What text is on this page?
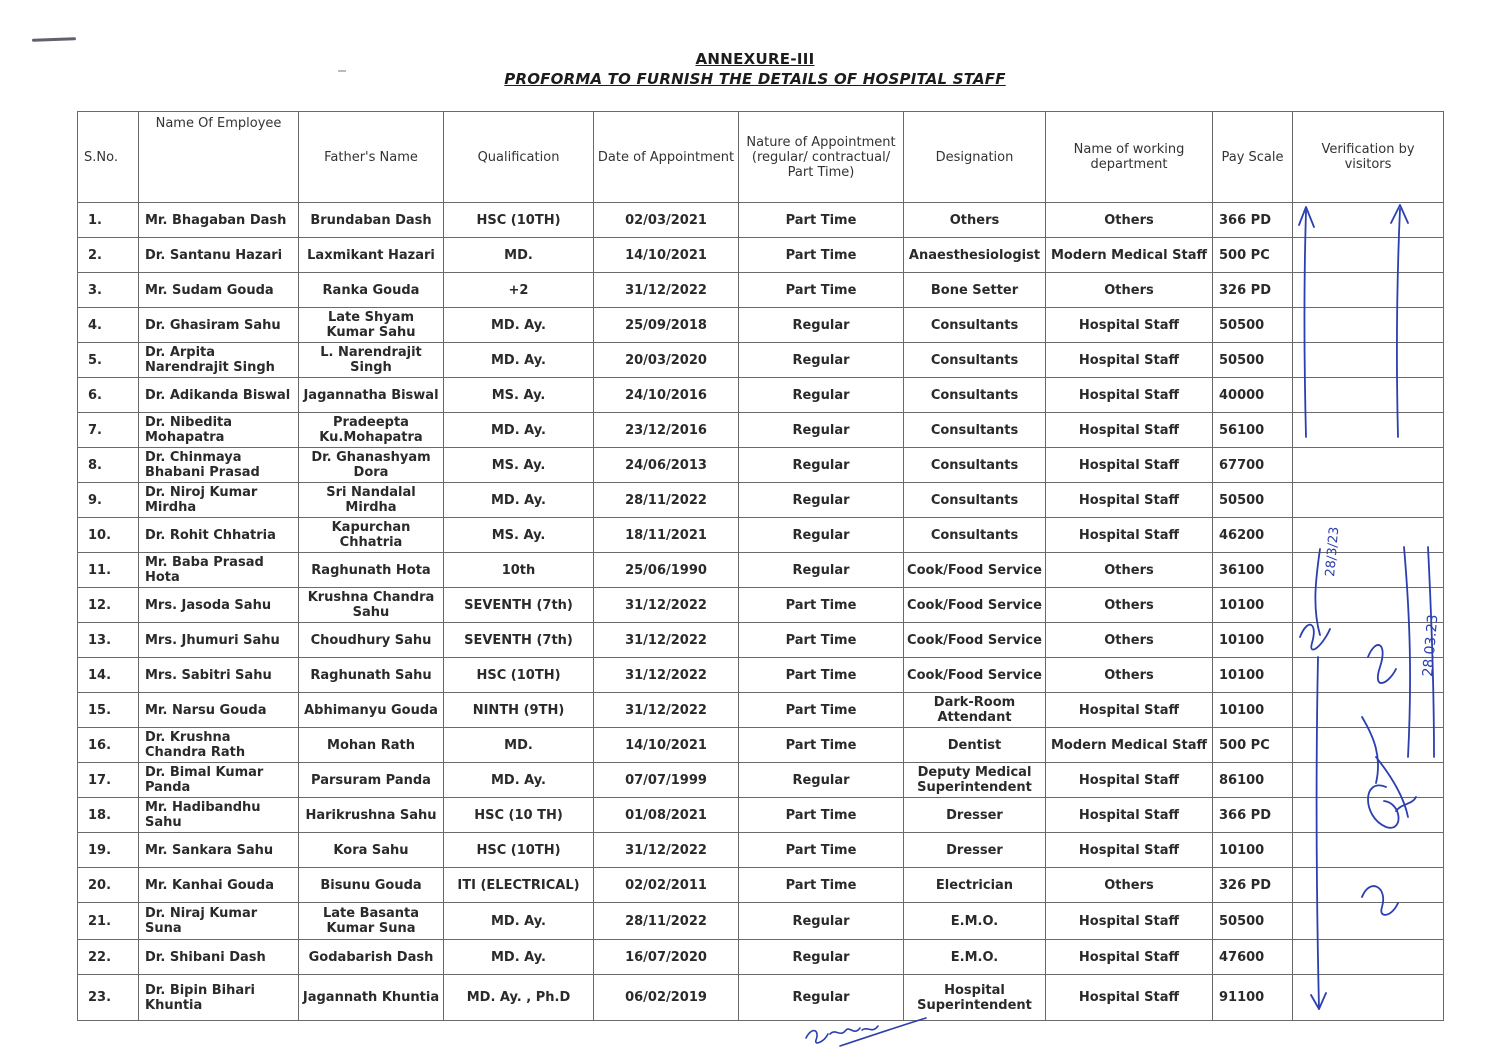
ANNEXURE-III
PROFORMA TO FURNISH THE DETAILS OF HOSPITAL STAFF
S.No.	Name Of Employee	Father's Name	Qualification	Date of Appointment	Nature of Appointment (regular/ contractual/ Part Time)	Designation	Name of working department	Pay Scale	Verification by visitors
1.	Mr. Bhagaban Dash	Brundaban Dash	HSC (10TH)	02/03/2021	Part Time	Others	Others	366 PD	
2.	Dr. Santanu Hazari	Laxmikant Hazari	MD.	14/10/2021	Part Time	Anaesthesiologist	Modern Medical Staff	500 PC	
3.	Mr. Sudam Gouda	Ranka Gouda	+2	31/12/2022	Part Time	Bone Setter	Others	326 PD	
4.	Dr. Ghasiram Sahu	Late Shyam Kumar Sahu	MD. Ay.	25/09/2018	Regular	Consultants	Hospital Staff	50500	
5.	Dr. Arpita Narendrajit Singh	L. Narendrajit Singh	MD. Ay.	20/03/2020	Regular	Consultants	Hospital Staff	50500	
6.	Dr. Adikanda Biswal	Jagannatha Biswal	MS. Ay.	24/10/2016	Regular	Consultants	Hospital Staff	40000	
7.	Dr. Nibedita Mohapatra	Pradeepta Ku.Mohapatra	MD. Ay.	23/12/2016	Regular	Consultants	Hospital Staff	56100	
8.	Dr. Chinmaya Bhabani Prasad	Dr. Ghanashyam Dora	MS. Ay.	24/06/2013	Regular	Consultants	Hospital Staff	67700	
9.	Dr. Niroj Kumar Mirdha	Sri Nandalal Mirdha	MD. Ay.	28/11/2022	Regular	Consultants	Hospital Staff	50500	
10.	Dr. Rohit Chhatria	Kapurchan Chhatria	MS. Ay.	18/11/2021	Regular	Consultants	Hospital Staff	46200	
11.	Mr. Baba Prasad Hota	Raghunath Hota	10th	25/06/1990	Regular	Cook/Food Service	Others	36100	
12.	Mrs. Jasoda Sahu	Krushna Chandra Sahu	SEVENTH (7th)	31/12/2022	Part Time	Cook/Food Service	Others	10100	
13.	Mrs. Jhumuri Sahu	Choudhury Sahu	SEVENTH (7th)	31/12/2022	Part Time	Cook/Food Service	Others	10100	
14.	Mrs. Sabitri Sahu	Raghunath Sahu	HSC (10TH)	31/12/2022	Part Time	Cook/Food Service	Others	10100	
15.	Mr. Narsu Gouda	Abhimanyu Gouda	NINTH (9TH)	31/12/2022	Part Time	Dark-Room Attendant	Hospital Staff	10100	
16.	Dr. Krushna Chandra Rath	Mohan Rath	MD.	14/10/2021	Part Time	Dentist	Modern Medical Staff	500 PC	
17.	Dr. Bimal Kumar Panda	Parsuram Panda	MD. Ay.	07/07/1999	Regular	Deputy Medical Superintendent	Hospital Staff	86100	
18.	Mr. Hadibandhu Sahu	Harikrushna Sahu	HSC (10 TH)	01/08/2021	Part Time	Dresser	Hospital Staff	366 PD	
19.	Mr. Sankara Sahu	Kora Sahu	HSC (10TH)	31/12/2022	Part Time	Dresser	Hospital Staff	10100	
20.	Mr. Kanhai Gouda	Bisunu Gouda	ITI (ELECTRICAL)	02/02/2011	Part Time	Electrician	Others	326 PD	
21.	Dr. Niraj Kumar Suna	Late Basanta Kumar Suna	MD. Ay.	28/11/2022	Regular	E.M.O.	Hospital Staff	50500	
22.	Dr. Shibani Dash	Godabarish Dash	MD. Ay.	16/07/2020	Regular	E.M.O.	Hospital Staff	47600	
23.	Dr. Bipin Bihari Khuntia	Jagannath Khuntia	MD. Ay. , Ph.D	06/02/2019	Regular	Hospital Superintendent	Hospital Staff	91100	
28/3/23
28.03.23
